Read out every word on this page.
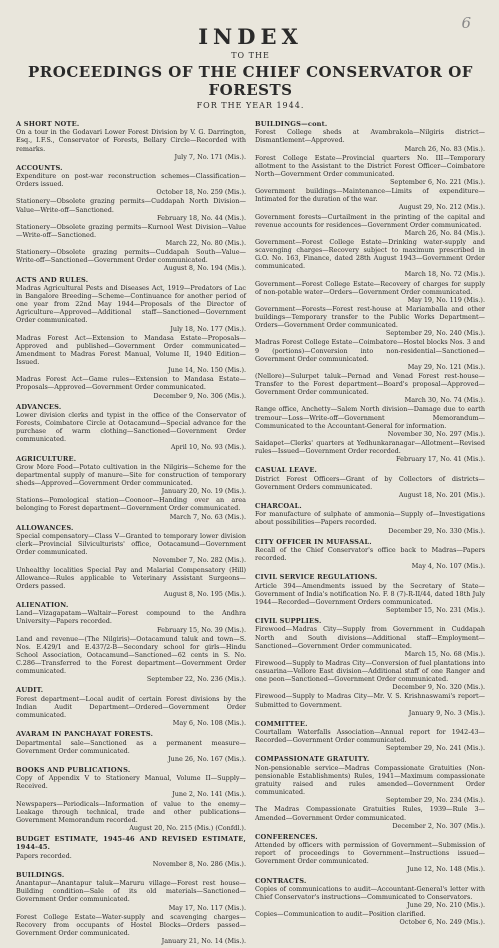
6
INDEX
TO THE
PROCEEDINGS OF THE CHIEF CONSERVATOR OF FORESTS
FOR THE YEAR 1944.
A SHORT NOTE.
On a tour in the Godavari Lower Forest Division by V. G. Darrington, Esq., I.F.S., Conservator of Forests, Bellary Circle—Recorded with remarks.
July 7, No. 171 (Mis.).
ACCOUNTS.
Expenditure on post-war reconstruction schemes—Classification—Orders issued.
October 18, No. 259 (Mis.).
Stationery—Obsolete grazing permits—Cuddapah North Division—Value—Write-off—Sanctioned.
February 18, No. 44 (Mis.).
Stationery—Obsolete grazing permits—Kurnool West Division—Value—Write-off—Sanctioned.
March 22, No. 80 (Mis.).
Stationery—Obsolete grazing permits—Cuddapah South—Value—Write-off—Sanctioned—Government Order communicated.
August 8, No. 194 (Mis.).
ACTS AND RULES.
Madras Agricultural Pests and Diseases Act, 1919—Predators of Lac in Bangalore Breeding—Scheme—Continuance for another period of one year from 22nd May 1944—Proposals of the Director of Agriculture—Approved—Additional staff—Sanctioned—Government Order communicated.
July 18, No. 177 (Mis.).
Madras Forest Act—Extension to Mandasa Estate—Proposals—Approved and published—Government Order communicated—Amendment to Madras Forest Manual, Volume II, 1940 Edition—Issued.
June 14, No. 150 (Mis.).
Madras Forest Act—Game rules—Extension to Mandasa Estate—Proposals—Approved—Government Order communicated.
December 9, No. 306 (Mis.).
ADVANCES.
Lower division clerks and typist in the office of the Conservator of Forests, Coimbatore Circle at Ootacamund—Special advance for the purchase of warm clothing—Sanctioned—Government Order communicated.
April 10, No. 93 (Mis.).
AGRICULTURE.
Grow More Food—Potato cultivation in the Nilgiris—Scheme for the departmental supply of manure—Site for construction of temporary sheds—Approved—Government Order communicated.
January 20, No. 19 (Mis.).
Stations—Pomological station—Coonoor—Handing over an area belonging to Forest department—Government Order communicated.
March 7, No. 63 (Mis.).
ALLOWANCES.
Special compensatory—Class V—Granted to temporary lower division clerk—Provincial Silviculturists' office, Ootacamund—Government Order communicated.
November 7, No. 282 (Mis.).
Unhealthy localities Special Pay and Malarial Compensatory (Hill) Allowance—Rules applicable to Veterinary Assistant Surgeons—Orders passed.
August 8, No. 195 (Mis.).
ALIENATION.
Land—Vizagapatam—Waltair—Forest compound to the Andhra University—Papers recorded.
February 15, No. 39 (Mis.).
Land and revenue—(The Nilgiris)—Ootacamund taluk and town—S. Nos. E.429/1 and E.437/2-B—Secondary school for girls—Hindu School Association, Ootacamund—Sanctioned—62 cents in S. No. C.286—Transferred to the Forest department—Government Order communicated.
September 22, No. 236 (Mis.).
AUDIT.
Forest department—Local audit of certain Forest divisions by the Indian Audit Department—Ordered—Government Order communicated.
May 6, No. 108 (Mis.).
AVARAM IN PANCHAYAT FORESTS.
Departmental sale—Sanctioned as a permanent measure—Government Order communicated.
June 26, No. 167 (Mis.).
BOOKS AND PUBLICATIONS.
Copy of Appendix V to Stationery Manual, Volume II—Supply—Received.
June 2, No. 141 (Mis.).
Newspapers—Periodicals—Information of value to the enemy—Leakage through technical, trade and other publications—Government Memorandum recorded.
August 20, No. 215 (Mis.) (Confdl.).
BUDGET ESTIMATE, 1945-46 AND REVISED ESTIMATE, 1944-45.
Papers recorded.
November 8, No. 286 (Mis.).
BUILDINGS.
Anantapur—Anantapur taluk—Maruru village—Forest rest house—Building condition—Sale of its old materials—Sanctioned—Government Order communicated.
May 17, No. 117 (Mis.).
Forest College Estate—Water-supply and scavenging charges—Recovery from occupants of Hostel Blocks—Orders passed—Government Order communicated.
January 21, No. 14 (Mis.).
BUILDINGS—cont.
Forest College sheds at Avambrakola—Nilgiris district—Dismantlement—Approved.
March 26, No. 83 (Mis.).
Forest College Estate—Provincial quarters No. III—Temporary allotment to the Assistant to the District Forest Officer—Coimbatore North—Government Order communicated.
September 6, No. 221 (Mis.).
Government buildings—Maintenance—Limits of expenditure—Intimated for the duration of the war.
August 29, No. 212 (Mis.).
Government forests—Curtailment in the printing of the capital and revenue accounts for residences—Government Order communicated.
March 26, No. 84 (Mis.).
Government—Forest College Estate—Drinking water-supply and scavenging charges—Recovery subject to maximum prescribed in G.O. No. 163, Finance, dated 28th August 1943—Government Order communicated.
March 18, No. 72 (Mis.).
Government—Forest College Estate—Recovery of charges for supply of non-potable water—Orders—Government Order communicated.
May 19, No. 119 (Mis.).
Government—Forests—Forest rest-house at Mariamballa and other buildings—Temporary transfer to the Public Works Department—Orders—Government Order communicated.
September 29, No. 240 (Mis.).
Madras Forest College Estate—Coimbatore—Hostel blocks Nos. 3 and 9 (portions)—Conversion into non-residential—Sanctioned—Government Order communicated.
May 29, No. 121 (Mis.).
(Nellore)—Sulurpet taluk—Pernad and Venad Forest rest-house—Transfer to the Forest department—Board's proposal—Approved—Government Order communicated.
March 30, No. 74 (Mis.).
Range office, Anchetty—Salem North division—Damage due to earth tremour—Loss—Write-off—Government Memorandum—Communicated to the Accountant-General for information.
November 30, No. 297 (Mis.).
Saidapet—Clerks' quarters at Yedhunkaranagar—Allotment—Revised rules—Issued—Government Order recorded.
February 17, No. 41 (Mis.).
CASUAL LEAVE.
District Forest Officers—Grant of by Collectors of districts—Government Orders communicated.
August 18, No. 201 (Mis.).
CHARCOAL.
For manufacture of sulphate of ammonia—Supply of—Investigations about possibilities—Papers recorded.
December 29, No. 330 (Mis.).
CITY OFFICER IN MUFASSAL.
Recall of the Chief Conservator's office back to Madras—Papers recorded.
May 4, No. 107 (Mis.).
CIVIL SERVICE REGULATIONS.
Article 394—Amendments issued by the Secretary of State—Government of India's notification No. F. 8 (7)-R-II/44, dated 18th July 1944—Recorded—Government Orders communicated.
September 15, No. 231 (Mis.).
CIVIL SUPPLIES.
Firewood—Madras City—Supply from Government in Cuddapah North and South divisions—Additional staff—Employment—Sanctioned—Government Order communicated.
March 15, No. 68 (Mis.).
Firewood—Supply to Madras City—Conversion of fuel plantations into casuarina—Vellore East division—Additional staff of one Ranger and one peon—Sanctioned—Government Order communicated.
December 9, No. 320 (Mis.).
Firewood—Supply to Madras City—Mr. V. S. Krishnaswami's report—Submitted to Government.
January 9, No. 3 (Mis.).
COMMITTEE.
Courtallam Waterfalls Association—Annual report for 1942-43—Recorded—Government Order communicated.
September 29, No. 241 (Mis.).
COMPASSIONATE GRATUITY.
Non-pensionable service—Madras Compassionate Gratuities (Non-pensionable Establishments) Rules, 1941—Maximum compassionate gratuity raised and rules amended—Government Order communicated.
September 29, No. 234 (Mis.).
The Madras Compassionate Gratuities Rules, 1939—Rule 3—Amended—Government Order communicated.
December 2, No. 307 (Mis.).
CONFERENCES.
Attended by officers with permission of Government—Submission of report of proceedings to Government—Instructions issued—Government Order communicated.
June 12, No. 148 (Mis.).
CONTRACTS.
Copies of communications to audit—Accountant-General's letter with Chief Conservator's instructions—Communicated to Conservators.
June 29, No. 210 (Mis.).
Copies—Communication to audit—Position clarified.
October 6, No. 249 (Mis.).
